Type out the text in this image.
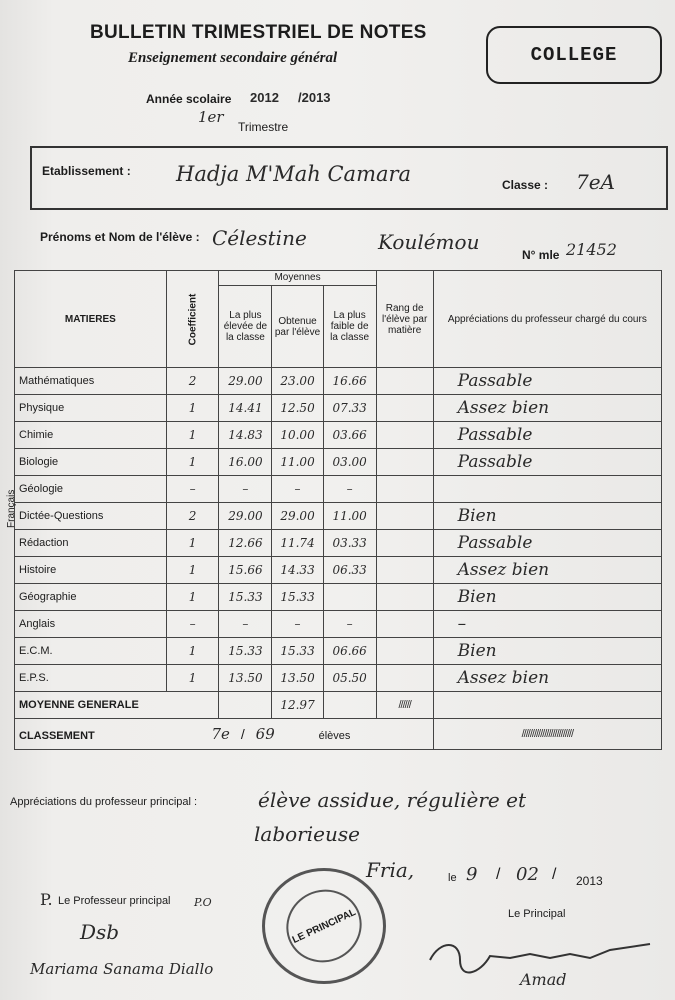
BULLETIN TRIMESTRIEL DE NOTES
Enseignement secondaire général	COLLEGE
Année scolaire 2012 /2013
1er
Trimestre
Etablissement : Hadja M'Mah Camara	Classe : 7eA
Prénoms et Nom de l'élève : Célestine	Koulémou
N° mle 21452
MATIERES	Coefficient	Moyennes
La plus élevée de la classe
Obtenue par l'élève
La plus faible de la classe			Rang de l'élève par matière	Appréciations du professeur chargé du cours
Mathématiques	2	29.00	23.00	16.66		Passable
Physique	1	14.41	12.50	07.33		Assez bien
Chimie	1	14.83	10.00	03.66		Passable
Biologie	1	16.00	11.00	03.00		Passable
Géologie	–	–	–	–		
Dictée-Questions	2	29.00	29.00	11.00		Bien
Rédaction	1	12.66	11.74	03.33		Passable
Histoire	1	15.66	14.33	06.33		Assez bien
Géographie	1	15.33	15.33			Bien
Anglais	–	–	–	–		–
E.C.M.	1	15.33	15.33	06.66		Bien
E.P.S.	1	13.50	13.50	05.50		Assez bien
MOYENNE GENERALE			12.97		//////	
CLASSEMENT 7e / 69 élèves						/////////////////////////
Appréciations du professeur principal :	élève assidue, régulière et
laborieuse
Fria,	le 9 / 02 / 2013
P. Le Professeur principal P.O
Dsb
Mariama Sanama Diallo
LE PRINCIPAL	Le Principal
Amad
Français
